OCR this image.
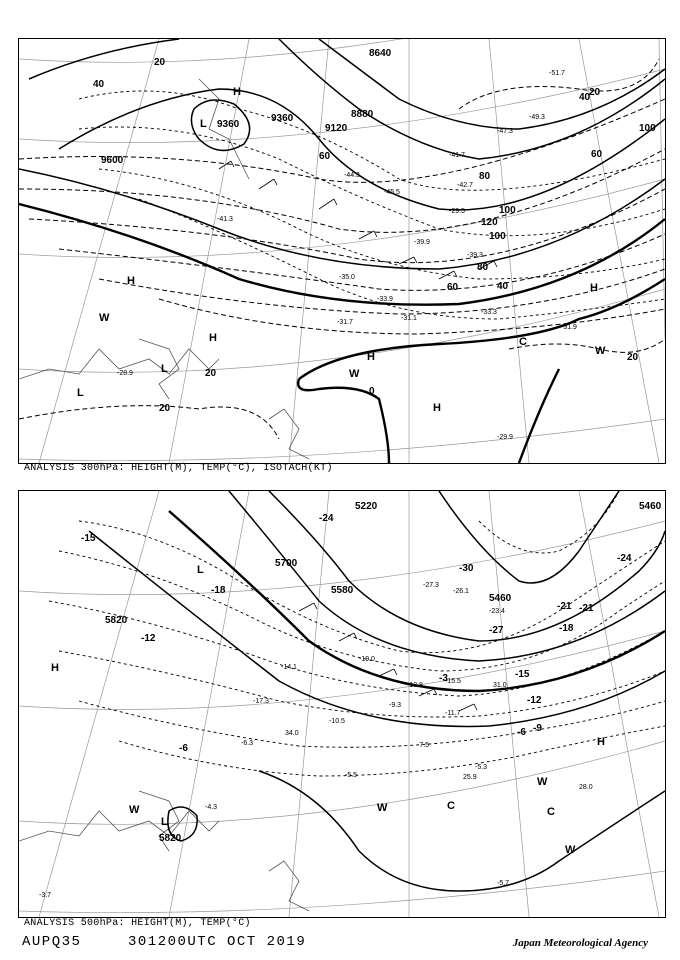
8640
8880
9120
9360
9360
9600
20
40
60
80
100
120
100
100
80
60
40
20
40
60
20
20
20
0
-45.5
-44.3
-41.3
-39.9
-35.0
-33.9
-33.3
-31.7
-31.1
-31.9
-29.9
-28.9
-29.5
-41.7
-49.3
-51.7
-47.3
-42.7
-39.3
H
L
H
H
W
L
L
H
W
H
C
H
W
ANALYSIS 300hPa: HEIGHT(M), TEMP(°C), ISOTACH(KT)
5220
5460
5460
5580
5700
5820
5820
-30
-27
-24
-21
-18
-15
-12
-9
-6
-3
-24
-21
-18
-15
-12
-6
-27.3
-26.1
-23.4
-19.0
-13.8
-11.7
-10.5
-7.5
-5.5
-5.3
-4.3
-3.7
-14.1
-17.3
-15.5
-9.3
-6.3
-5.7
25.9
28.0
31.0
34.0
L
H
W
L
W	C
W
C
H
W
ANALYSIS 500hPa: HEIGHT(M), TEMP(°C)
AUPQ35	301200UTC OCT 2019	Japan Meteorological Agency
